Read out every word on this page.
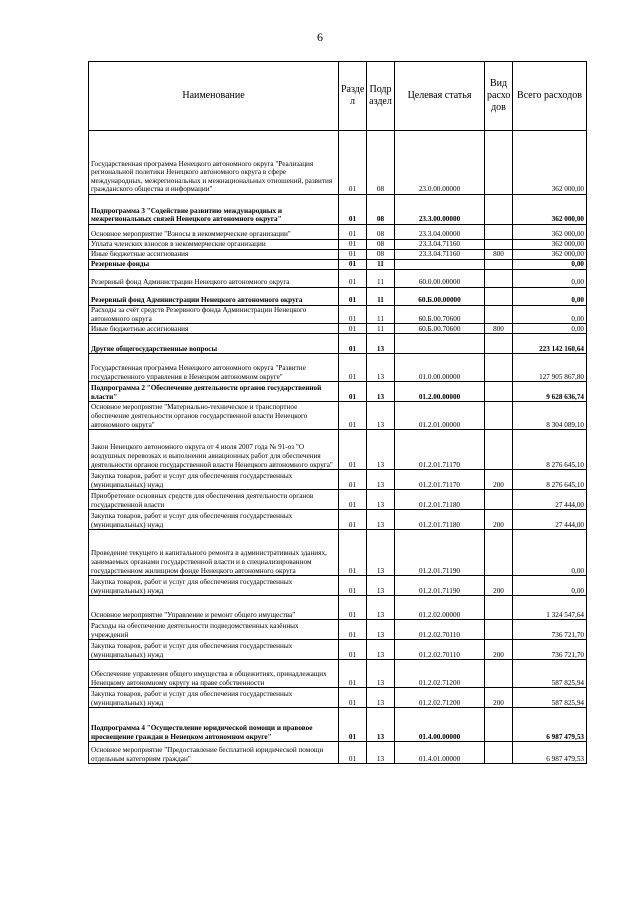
6
Наименование	Разде л	Подр аздел	Целевая статья	Вид расхо дов	Всего расходов
Государственная программа Ненецкого автономного округа "Реализация региональной политики Ненецкого автономного округа в сфере международных, межрегиональных и межнациональных отношений, развития гражданского общества и информации"	01	08	23.0.00.00000		362 000,00
Подпрограмма 3 "Содействие развитию международных и межрегиональных связей Ненецкого автономного округа"	01	08	23.3.00.00000		362 000,00
Основное мероприятие "Взносы в некоммерческие организации"	01	08	23.3.04.00000		362 000,00
Уплата членских взносов в некоммерческие организации	01	08	23.3.04.71160		362 000,00
Иные бюджетные ассигнования	01	08	23.3.04.71160	800	362 000,00
Резервные фонды	01	11			0,00
Резервный фонд Администрации Ненецкого автономного округа	01	11	60.0.00.00000		0,00
Резервный фонд Администрации Ненецкого автономного округа	01	11	60.Б.00.00000		0,00
Расходы за счёт средств Резервного фонда Администрации Ненецкого автономного округа	01	11	60.Б.00.70600		0,00
Иные бюджетные ассигнования	01	11	60.Б.00.70600	800	0,00
Другие общегосударственные вопросы	01	13			223 142 160,64
Государственная программа Ненецкого автономного округа "Развитие государственного управления в Ненецком автономном округе"	01	13	01.0.00.00000		127 905 867,80
Подпрограмма 2 "Обеспечение деятельности органов государственной власти"	01	13	01.2.00.00000		9 628 636,74
Основное мероприятие "Материально-техническое и транспортное обеспечение деятельности органов государственной власти Ненецкого автономного округа"	01	13	01.2.01.00000		8 304 089,10
Закон Ненецкого автономного округа от 4 июля 2007 года № 91-оз "О воздушных перевозках и выполнении авиационных работ для обеспечения деятельности органов государственной власти Ненецкого автономного округа"	01	13	01.2.01.71170		8 276 645,10
Закупка товаров, работ и услуг для обеспечения государственных (муниципальных) нужд	01	13	01.2.01.71170	200	8 276 645,10
Приобретение основных средств для обеспечения деятельности органов государственной власти	01	13	01.2.01.71180		27 444,00
Закупка товаров, работ и услуг для обеспечения государственных (муниципальных) нужд	01	13	01.2.01.71180	200	27 444,00
Проведение текущего и капитального ремонта в административных зданиях, занимаемых органами государственной власти и в специализированном государственном жилищном фонде Ненецкого автономного округа	01	13	01.2.01.71190		0,00
Закупка товаров, работ и услуг для обеспечения государственных (муниципальных) нужд	01	13	01.2.01.71190	200	0,00
Основное мероприятие "Управление и ремонт общего имущества"	01	13	01.2.02.00000		1 324 547,64
Расходы на обеспечение деятельности подведомственных казённых учреждений	01	13	01.2.02.70110		736 721,70
Закупка товаров, работ и услуг для обеспечения государственных (муниципальных) нужд	01	13	01.2.02.70110	200	736 721,70
Обеспечение управления общего имущества в общежитиях, принадлежащих Ненецкому автономному округу на праве собственности	01	13	01.2.02.71200		587 825,94
Закупка товаров, работ и услуг для обеспечения государственных (муниципальных) нужд	01	13	01.2.02.71200	200	587 825,94
Подпрограмма 4 "Осуществление юридической помощи и правовое просвещение граждан в Ненецком автономном округе"	01	13	01.4.00.00000		6 987 479,53
Основное мероприятие "Предоставление бесплатной юридической помощи отдельным категориям граждан"	01	13	01.4.01.00000		6 987 479,53
